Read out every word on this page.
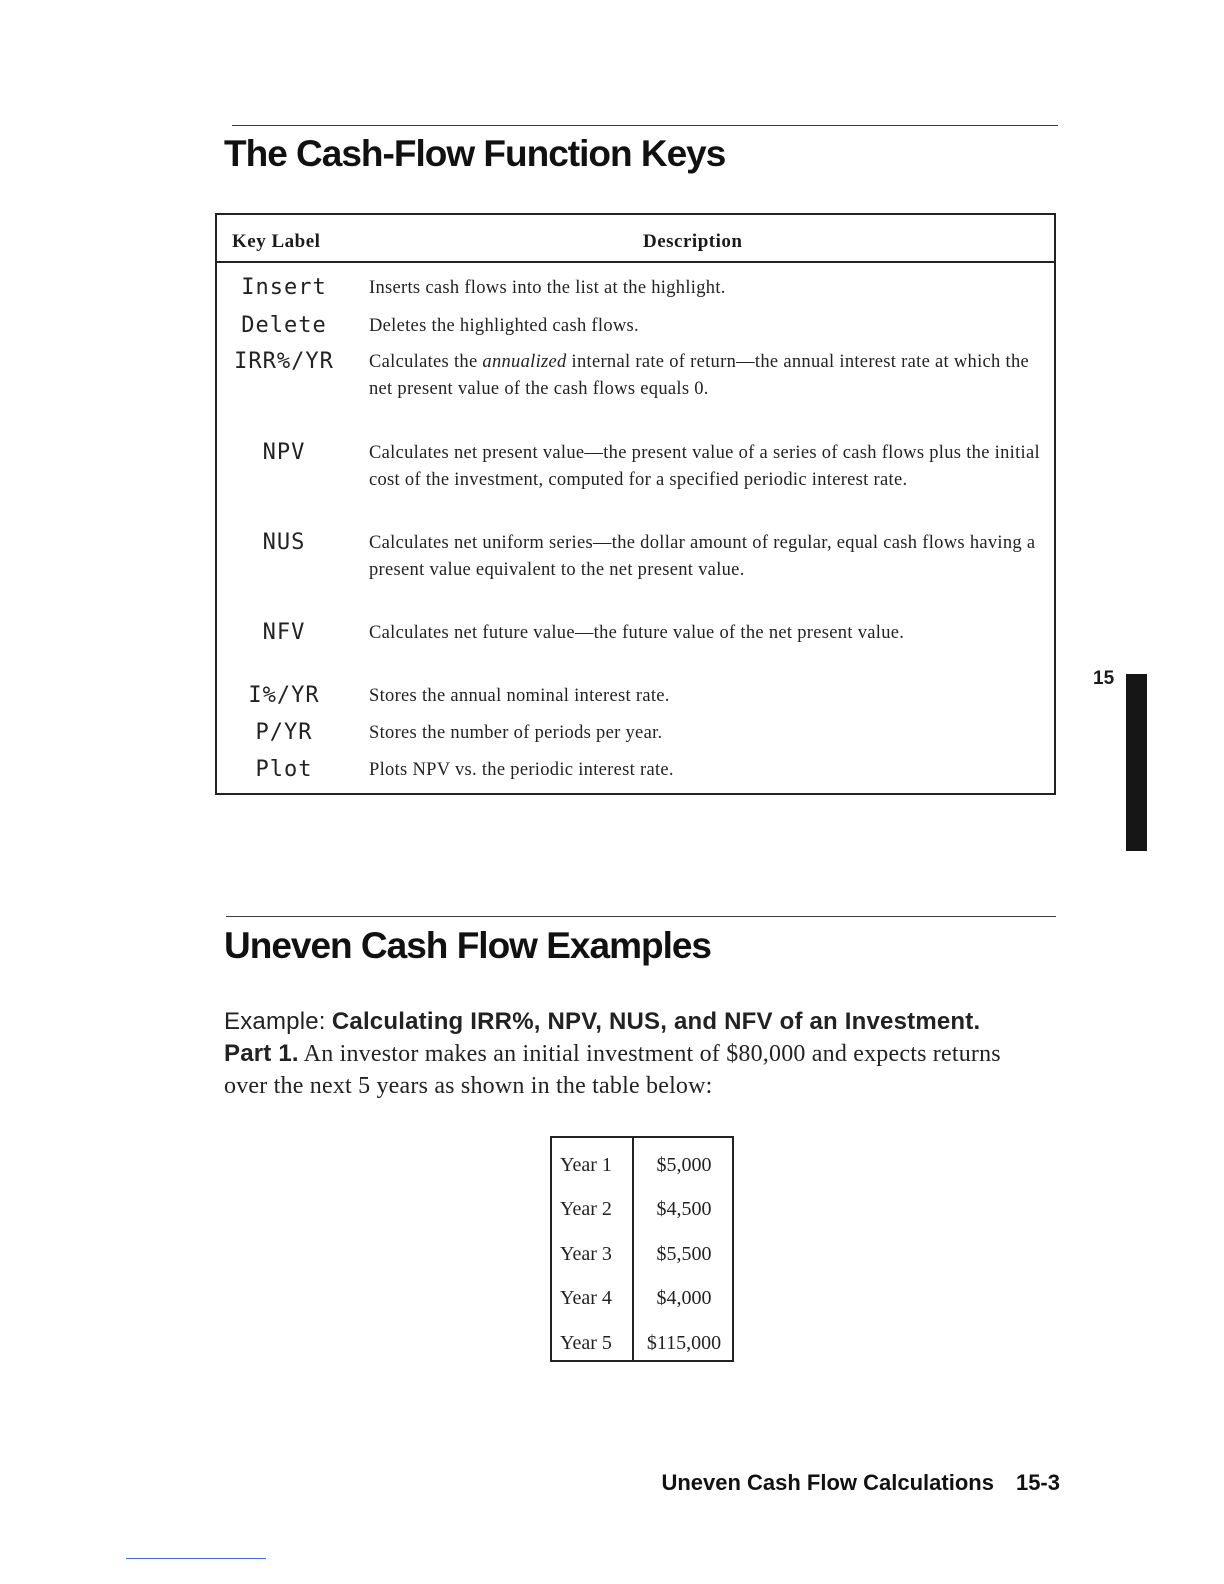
The Cash-Flow Function Keys
Key Label	Description
Insert	Inserts cash flows into the list at the highlight.
Delete	Deletes the highlighted cash flows.
IRR%/YR	Calculates the annualized internal rate of return—the annual interest rate at which the net present value of the cash flows equals 0.
NPV	Calculates net present value—the present value of a series of cash flows plus the initial cost of the investment, computed for a specified periodic interest rate.
NUS	Calculates net uniform series—the dollar amount of regular, equal cash flows having a present value equivalent to the net present value.
NFV	Calculates net future value—the future value of the net present value.
I%/YR	Stores the annual nominal interest rate.
P/YR	Stores the number of periods per year.
Plot	Plots NPV vs. the periodic interest rate.
15
Uneven Cash Flow Examples

Example: Calculating IRR%, NPV, NUS, and NFV of an Investment. Part 1. An investor makes an initial investment of $80,000 and expects returns over the next 5 years as shown in the table below:

Year 1	$5,000
Year 2	$4,500
Year 3	$5,500
Year 4	$4,000
Year 5	$115,000
Uneven Cash Flow Calculations 15-3
